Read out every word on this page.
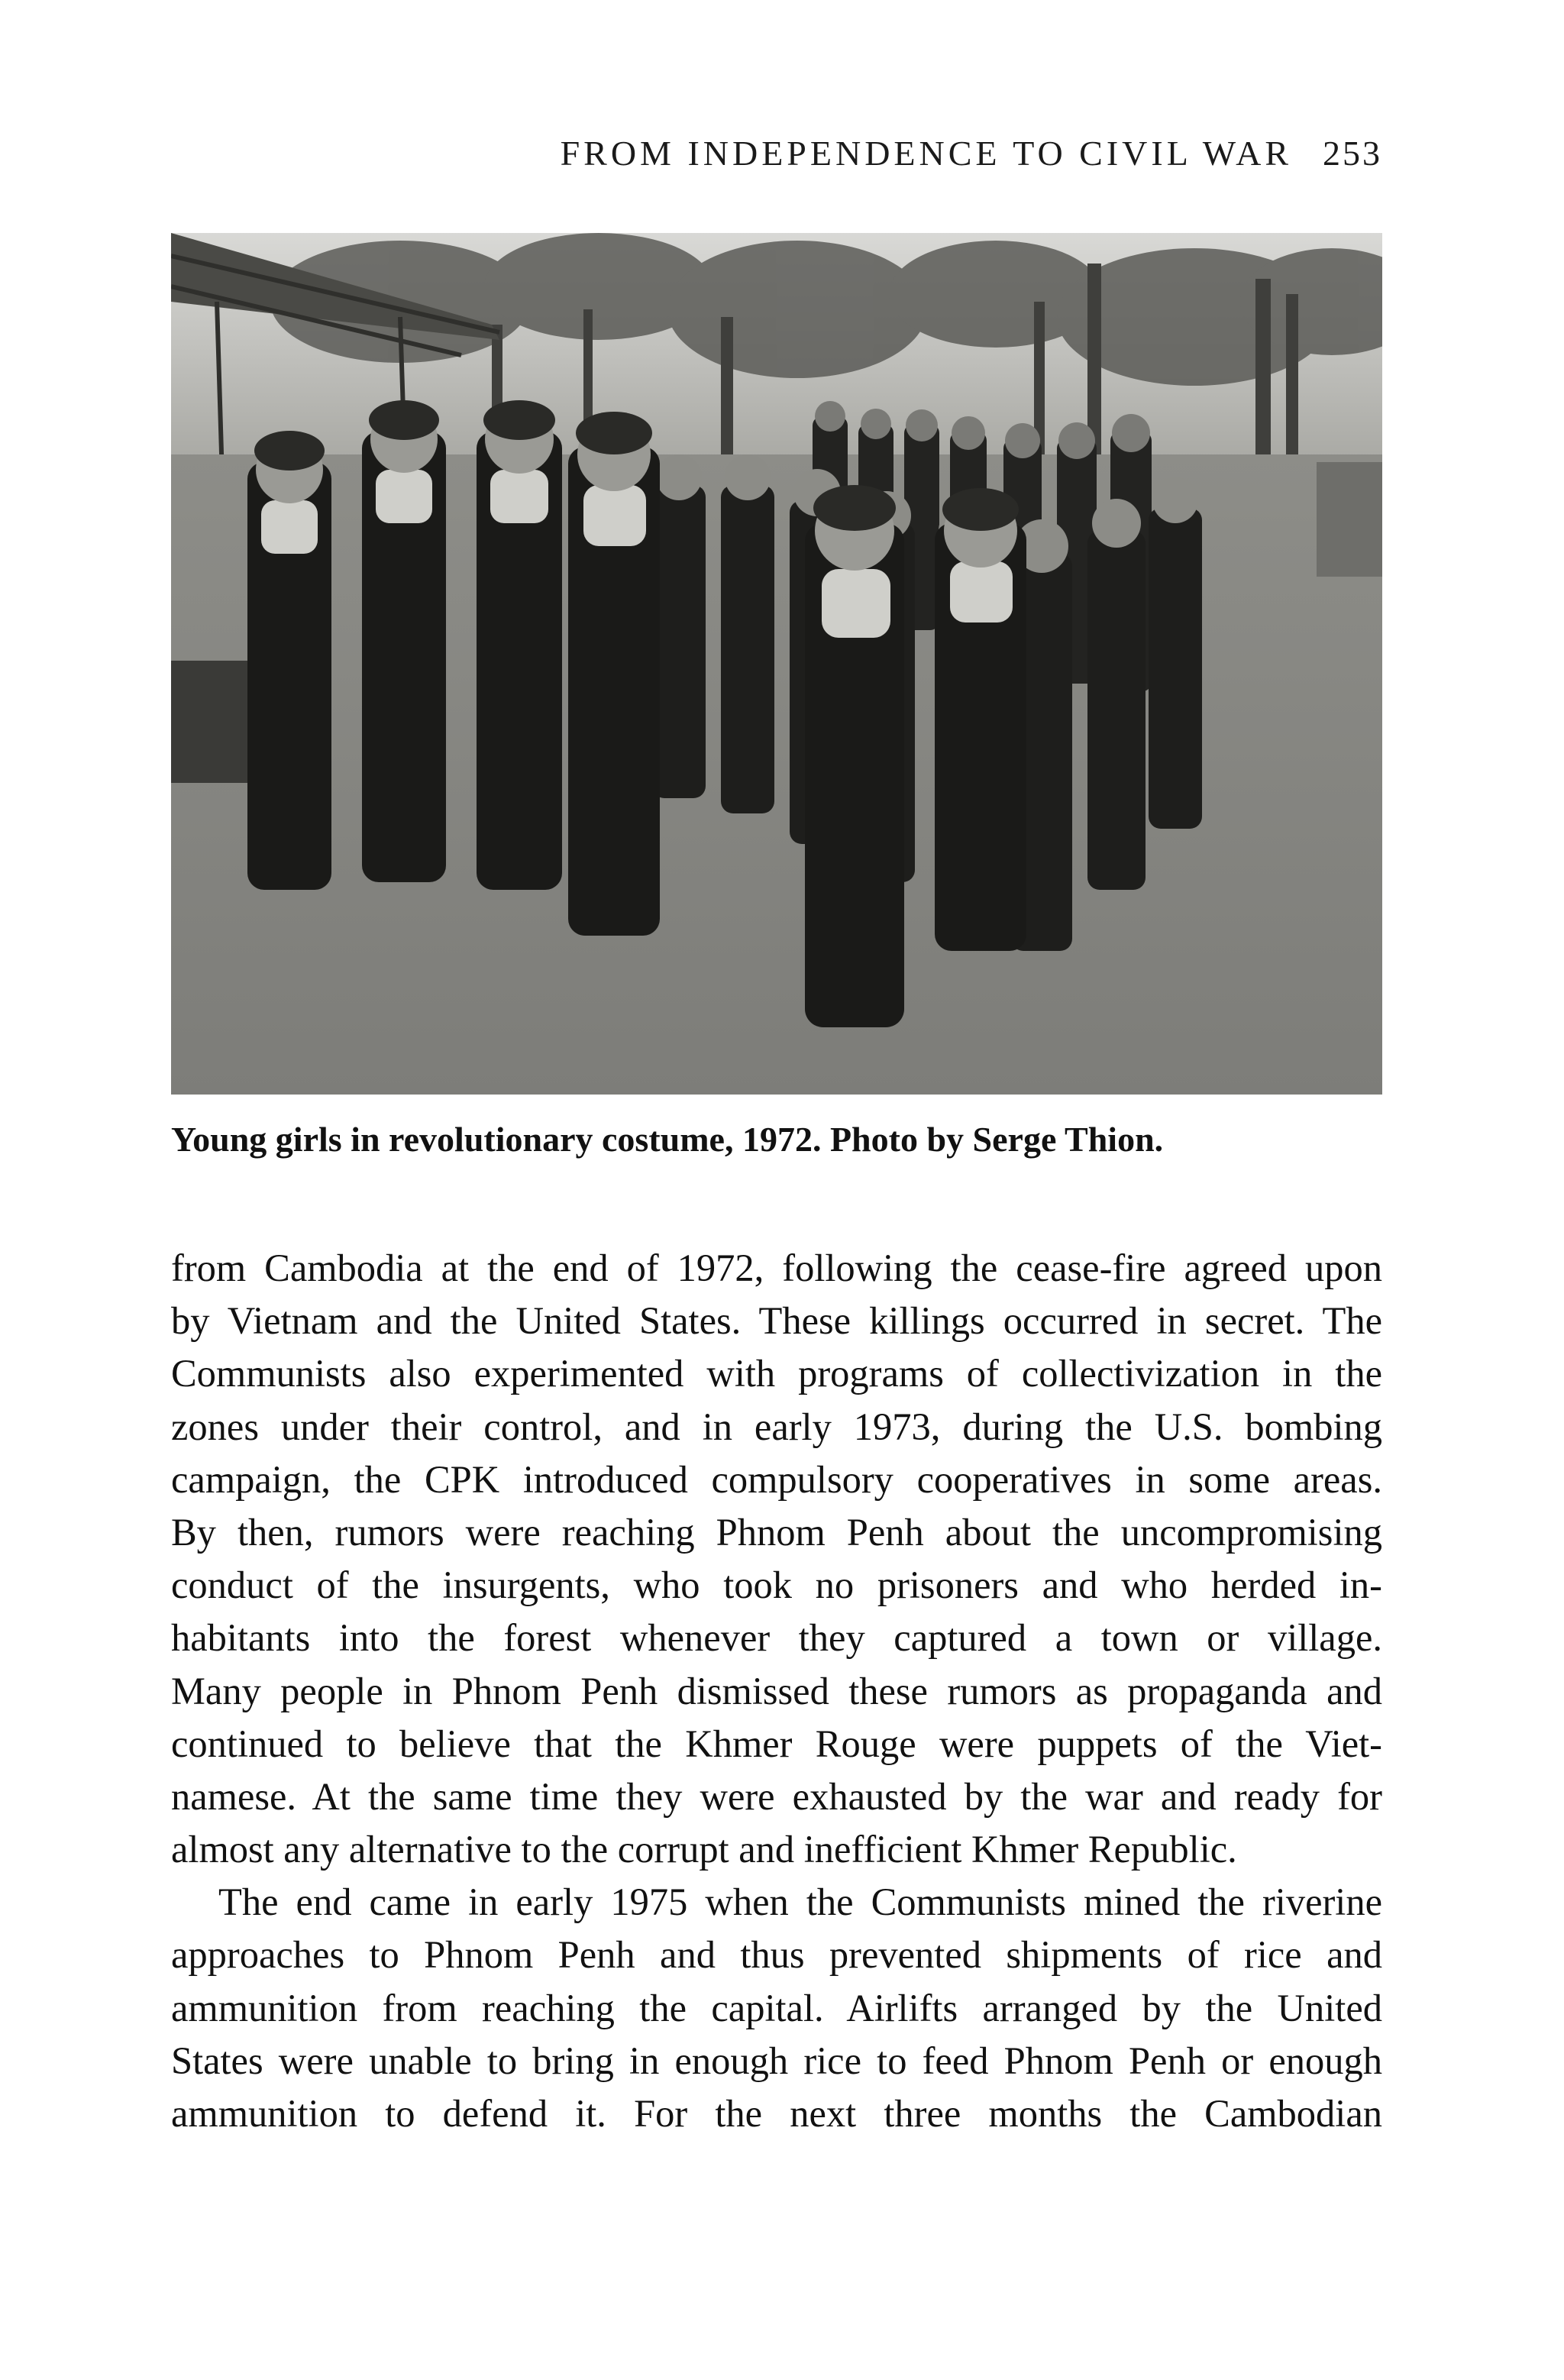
FROM INDEPENDENCE TO CIVIL WAR 253
Young girls in revolutionary costume, 1972. Photo by Serge Thion.
from Cambodia at the end of 1972, following the cease-fire agreed upon
by Vietnam and the United States. These killings occurred in secret. The
Communists also experimented with programs of collectivization in the
zones under their control, and in early 1973, during the U.S. bombing
campaign, the CPK introduced compulsory cooperatives in some areas.
By then, rumors were reaching Phnom Penh about the uncompromising
conduct of the insurgents, who took no prisoners and who herded in-
habitants into the forest whenever they captured a town or village.
Many people in Phnom Penh dismissed these rumors as propaganda and
continued to believe that the Khmer Rouge were puppets of the Viet-
namese. At the same time they were exhausted by the war and ready for
almost any alternative to the corrupt and inefficient Khmer Republic.
The end came in early 1975 when the Communists mined the riverine
approaches to Phnom Penh and thus prevented shipments of rice and
ammunition from reaching the capital. Airlifts arranged by the United
States were unable to bring in enough rice to feed Phnom Penh or enough
ammunition to defend it. For the next three months the Cambodian
